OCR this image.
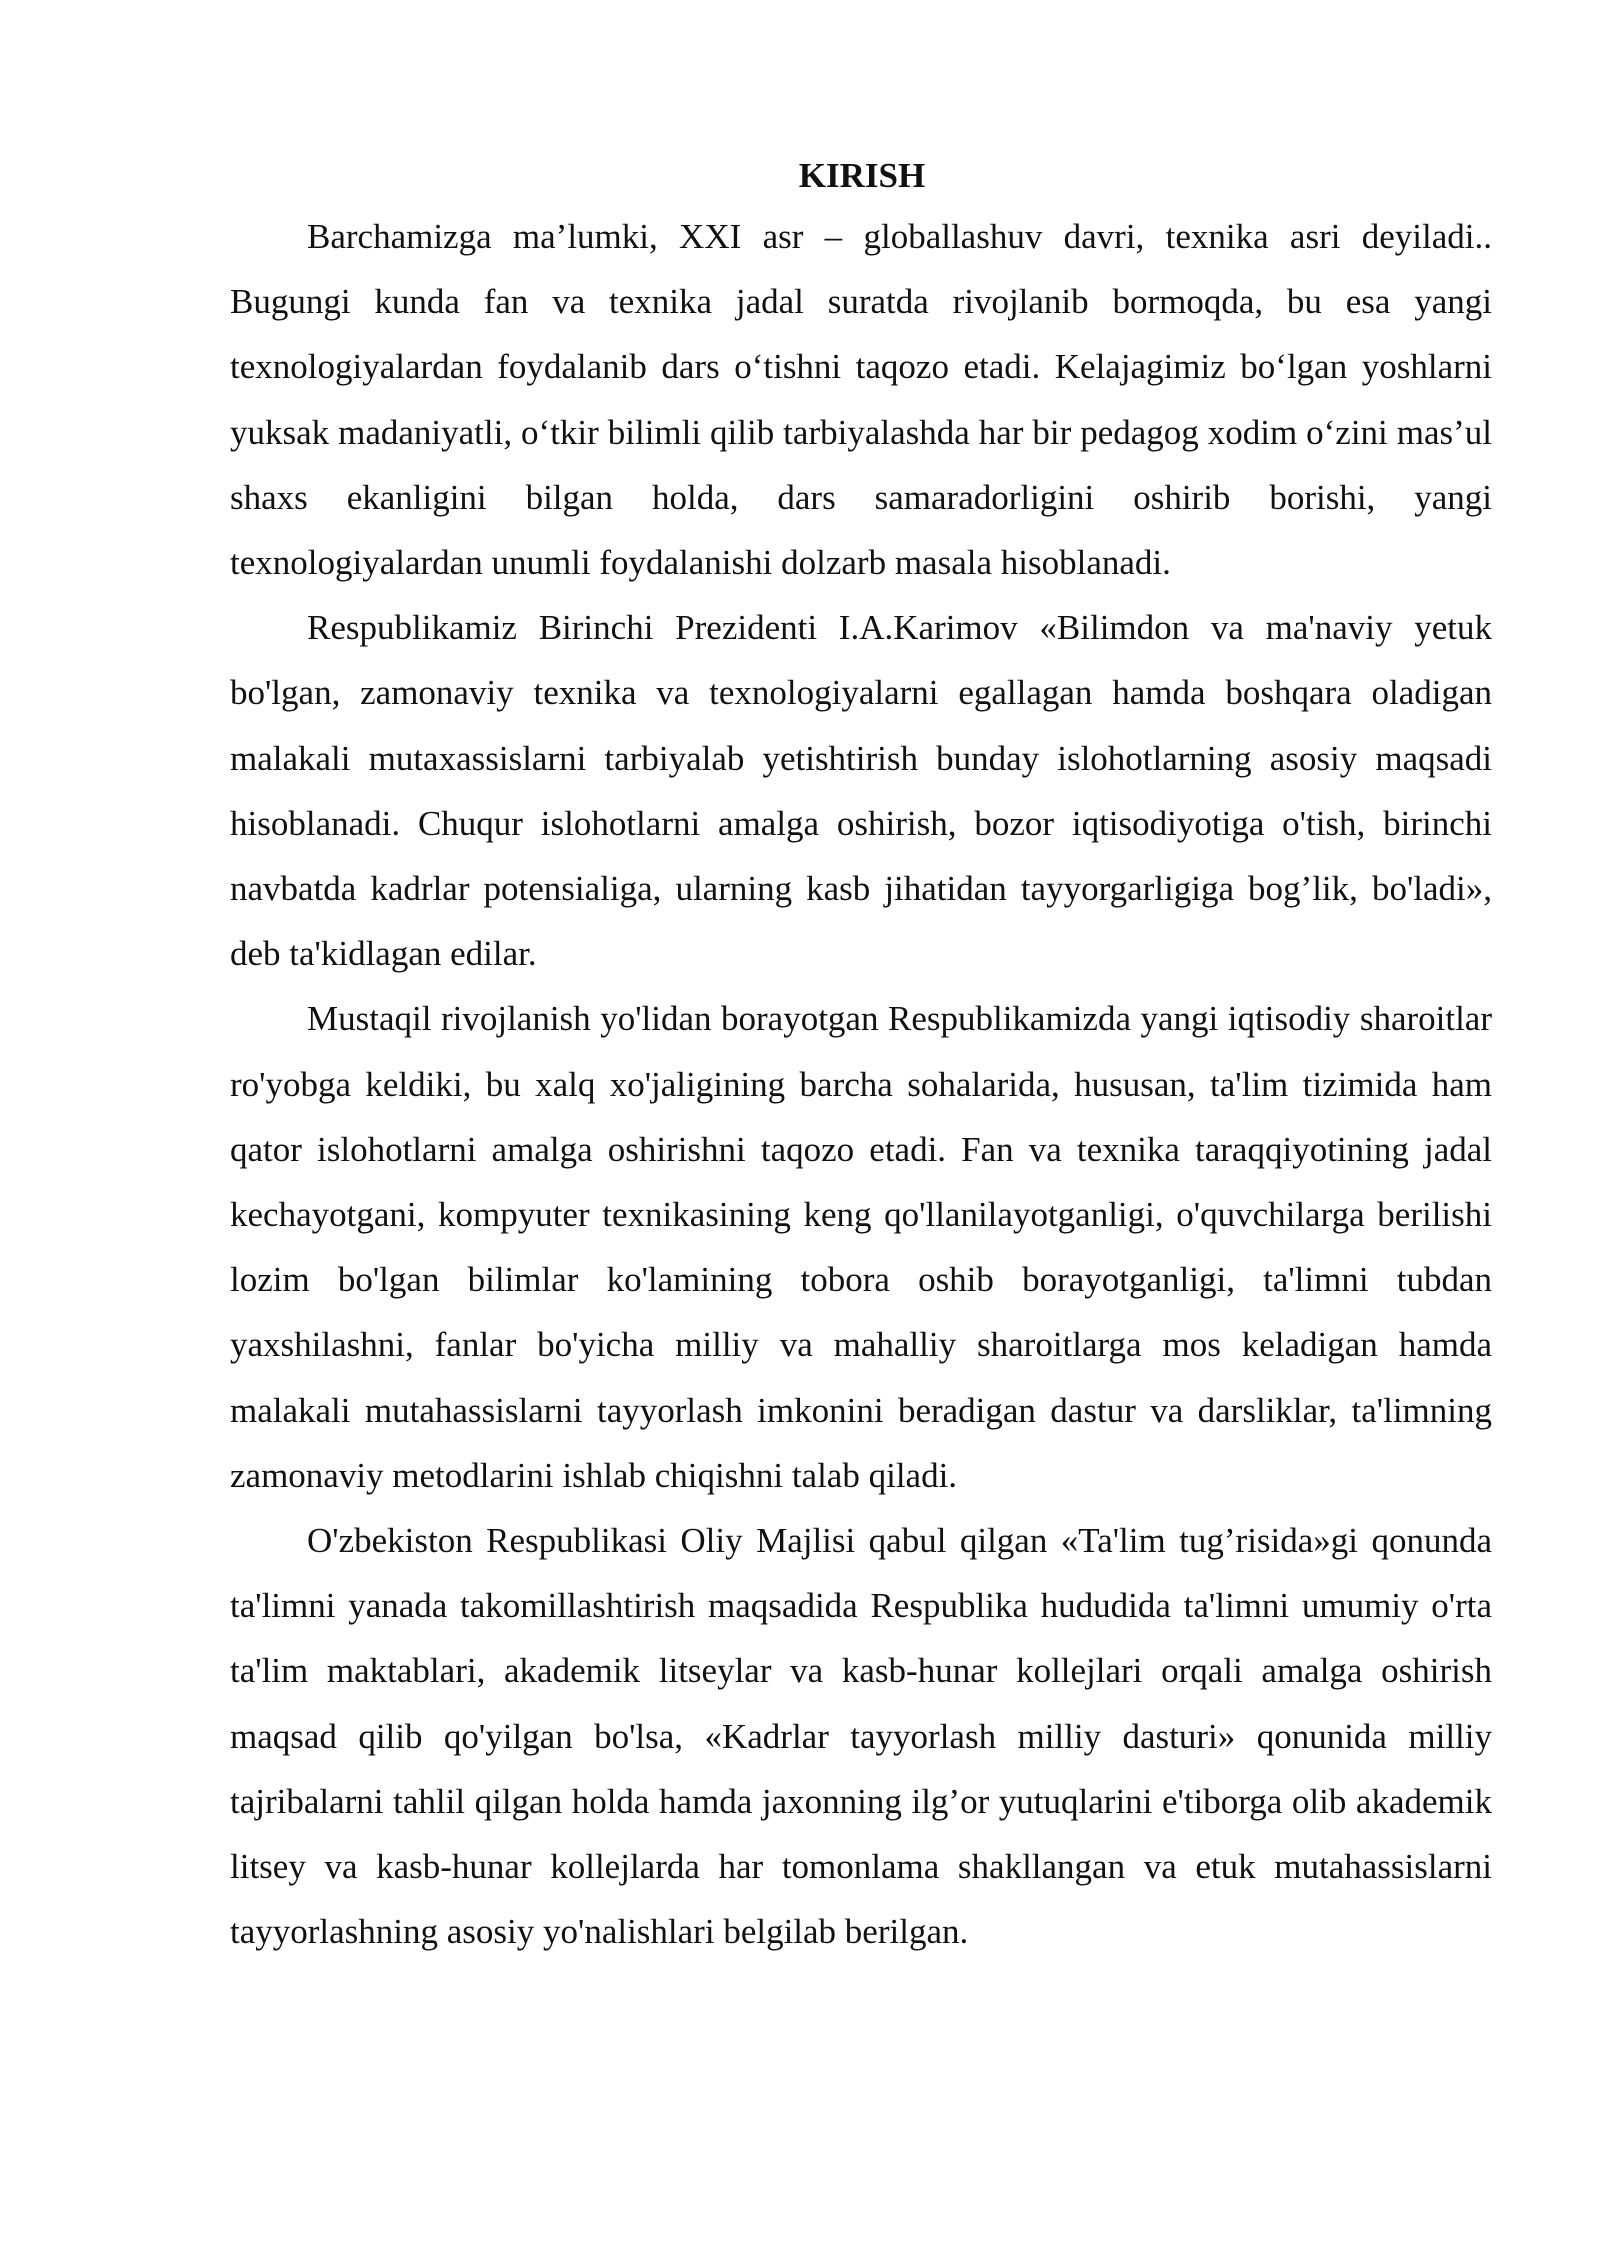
KIRISH

Barchamizga ma’lumki, XXI asr – globallashuv davri, texnika asri deyiladi.. Bugungi kunda fan va texnika jadal suratda rivojlanib bormoqda, bu esa yangi texnologiyalardan foydalanib dars o‘tishni taqozo etadi. Kelajagimiz bo‘lgan yoshlarni yuksak madaniyatli, o‘tkir bilimli qilib tarbiyalashda har bir pedagog xodim o‘zini mas’ul shaxs ekanligini bilgan holda, dars samaradorligini oshirib borishi, yangi texnologiyalardan unumli foydalanishi dolzarb masala hisoblanadi.

Respublikamiz Birinchi Prezidenti I.A.Karimov «Bilimdon va ma'naviy yetuk bo'lgan, zamonaviy texnika va texnologiyalarni egallagan hamda boshqara oladigan malakali mutaxassislarni tarbiyalab yetishtirish bunday islohotlarning asosiy maqsadi hisoblanadi. Chuqur islohotlarni amalga oshirish, bozor iqtisodiyotiga o'tish, birinchi navbatda kadrlar potensialiga, ularning kasb jihatidan tayyorgarligiga bog’lik, bo'ladi», deb ta'kidlagan edilar.

Mustaqil rivojlanish yo'lidan borayotgan Respublikamizda yangi iqtisodiy sharoitlar ro'yobga keldiki, bu xalq xo'jaligining barcha sohalarida, hususan, ta'lim tizimida ham qator islohotlarni amalga oshirishni taqozo etadi. Fan va texnika taraqqiyotining jadal kechayotgani, kompyuter texnikasining keng qo'llanilayotganligi, o'quvchilarga berilishi lozim bo'lgan bilimlar ko'lamining tobora oshib borayotganligi, ta'limni tubdan yaxshilashni, fanlar bo'yicha milliy va mahalliy sharoitlarga mos keladigan hamda malakali mutahassislarni tayyorlash imkonini beradigan dastur va darsliklar, ta'limning zamonaviy metodlarini ishlab chiqishni talab qiladi.

O'zbekiston Respublikasi Oliy Majlisi qabul qilgan «Ta'lim tug’risida»gi qonunda ta'limni yanada takomillashtirish maqsadida Respublika hududida ta'limni umumiy o'rta ta'lim maktablari, akademik litseylar va kasb-hunar kollejlari orqali amalga oshirish maqsad qilib qo'yilgan bo'lsa, «Kadrlar tayyorlash milliy dasturi» qonunida milliy tajribalarni tahlil qilgan holda hamda jaxonning ilg’or yutuqlarini e'tiborga olib akademik litsey va kasb-hunar kollejlarda har tomonlama shakllangan va etuk mutahassislarni tayyorlashning asosiy yo'nalishlari belgilab berilgan.
